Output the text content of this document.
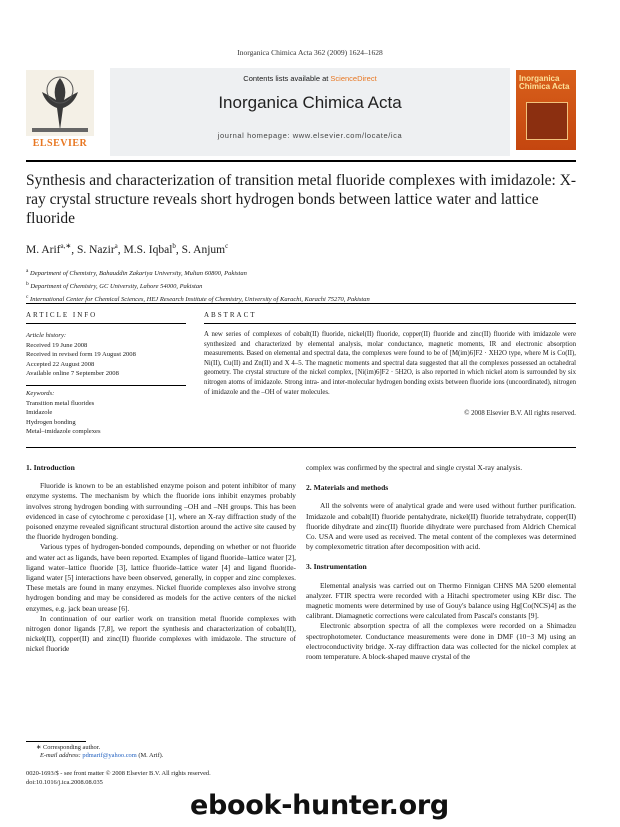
Inorganica Chimica Acta 362 (2009) 1624–1628
ELSEVIER
Contents lists available at ScienceDirect
Inorganica Chimica Acta
journal homepage: www.elsevier.com/locate/ica
Inorganica Chimica Acta
Synthesis and characterization of transition metal fluoride complexes with imidazole: X-ray crystal structure reveals short hydrogen bonds between lattice water and lattice fluoride
M. Arif$^{a,∗}$, S. Nazir$^a$, M.S. Iqbal$^b$, S. Anjum$^c$
$^a$ Department of Chemistry, Bahauddin Zakariya University, Multan 60800, Pakistan
$^b$ Department of Chemistry, GC University, Lahore 54000, Pakistan
$^c$ International Center for Chemical Sciences, HEJ Research Institute of Chemistry, University of Karachi, Karachi 75270, Pakistan
ARTICLE INFO	ABSTRACT
Article history:
Received 19 June 2008
Received in revised form 19 August 2008
Accepted 22 August 2008
Available online 7 September 2008
Keywords:
Transition metal fluorides
Imidazole
Hydrogen bonding
Metal–imidazole complexes
A new series of complexes of cobalt(II) fluoride, nickel(II) fluoride, copper(II) fluoride and zinc(II) fluoride with imidazole were synthesized and characterized by elemental analysis, molar conductance, magnetic moments, IR and electronic absorption measurements. Based on elemental and spectral data, the complexes were found to be of [M(im)6]F2 · XH2O type, where M is Co(II), Ni(II), Cu(II) and Zn(II) and X 4–5. The magnetic moments and spectral data suggested that all the complexes possessed an octahedral geometry. The crystal structure of the nickel complex, [Ni(im)6]F2 · 5H2O, is also reported in which nickel atom is surrounded by six nitrogen atoms of imidazole. Strong intra- and inter-molecular hydrogen bonding exists between fluoride ions (uncoordinated), nitrogen of imidazole and the –OH of water molecules.
© 2008 Elsevier B.V. All rights reserved.
1. Introduction

Fluoride is known to be an established enzyme poison and potent inhibitor of many enzyme systems. The mechanism by which the fluoride ions inhibit enzymes probably involves strong hydrogen bonding with surrounding –OH and –NH groups. This has been evidenced in case of cytochrome c peroxidase [1], where an X-ray diffraction study of the poisoned enzyme revealed significant structural distortion around the active site caused by the fluoride hydrogen bonding.

Various types of hydrogen-bonded compounds, depending on whether or not fluoride and water act as ligands, have been reported. Examples of ligand fluoride–lattice water [2], ligand water–lattice fluoride [3], lattice fluoride–lattice water [4] and ligand fluoride-ligand water [5] interactions have been observed, generally, in copper and zinc complexes. These metals are found in many enzymes. Nickel fluoride complexes also involve strong hydrogen bonding and may be considered as models for the active centers of the nickel enzymes, e.g. jack bean urease [6].

In continuation of our earlier work on transition metal fluoride complexes with nitrogen donor ligands [7,8], we report the synthesis and characterization of cobalt(II), nickel(II), copper(II) and zinc(II) fluoride complexes with imidazole. The structure of nickel fluoride

complex was confirmed by the spectral and single crystal X-ray analysis.

2. Materials and methods

All the solvents were of analytical grade and were used without further purification. Imidazole and cobalt(II) fluoride pentahydrate, nickel(II) fluoride tetrahydrate, copper(II) fluoride dihydrate and zinc(II) fluoride dihydrate were purchased from Aldrich Chemical Co. USA and were used as received. The metal content of the complexes was determined by complexometric titration after decomposition with acid.

3. Instrumentation

Elemental analysis was carried out on Thermo Finnigan CHNS MA 5200 elemental analyzer. FTIR spectra were recorded with a Hitachi spectrometer using KBr disc. The magnetic moments were determined by use of Gouy's balance using Hg[Co(NCS)4] as the calibrant. Diamagnetic corrections were calculated from Pascal's constants [9].

Electronic absorption spectra of all the complexes were recorded on a Shimadzu spectrophotometer. Conductance measurements were done in DMF (10−3 M) using an electroconductivity bridge. X-ray diffraction data was collected for the nickel complex at room temperature. A block-shaped mauve crystal of the

∗ Corresponding author.
E-mail address: pdmarif@yahoo.com (M. Arif).
0020-1693/$ - see front matter © 2008 Elsevier B.V. All rights reserved.
doi:10.1016/j.ica.2008.08.035
ebook-hunter.org
